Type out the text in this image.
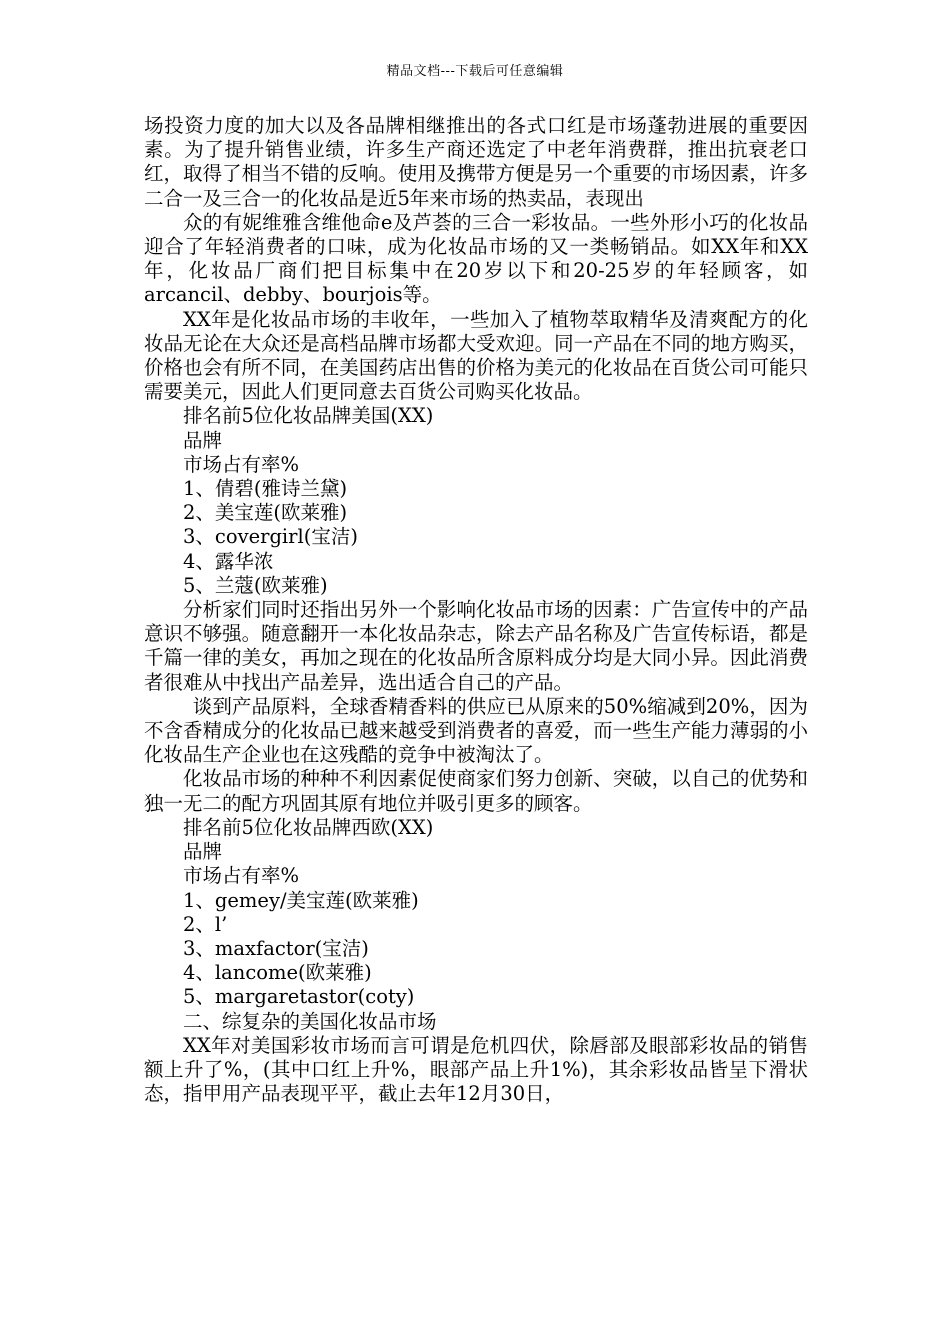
精品文档---下载后可任意编辑

场投资力度的加大以及各品牌相继推出的各式口红是市场蓬勃进展的重要因素。为了提升销售业绩，许多生产商还选定了中老年消费群，推出抗衰老口红，取得了相当不错的反响。使用及携带方便是另一个重要的市场因素，许多二合一及三合一的化妆品是近5年来市场的热卖品，表现出

众的有妮维雅含维他命e及芦荟的三合一彩妆品。一些外形小巧的化妆品迎合了年轻消费者的口味，成为化妆品市场的又一类畅销品。如XX年和XX年，化妆品厂商们把目标集中在20岁以下和20-25岁的年轻顾客，如arcancil、debby、bourjois等。

XX年是化妆品市场的丰收年，一些加入了植物萃取精华及清爽配方的化妆品无论在大众还是高档品牌市场都大受欢迎。同一产品在不同的地方购买，价格也会有所不同，在美国药店出售的价格为美元的化妆品在百货公司可能只需要美元，因此人们更同意去百货公司购买化妆品。

排名前5位化妆品牌美国(XX)

品牌

市场占有率%

1、倩碧(雅诗兰黛)

2、美宝莲(欧莱雅)

3、covergirl(宝洁)

4、露华浓

5、兰蔻(欧莱雅)

分析家们同时还指出另外一个影响化妆品市场的因素：广告宣传中的产品意识不够强。随意翻开一本化妆品杂志，除去产品名称及广告宣传标语，都是千篇一律的美女，再加之现在的化妆品所含原料成分均是大同小异。因此消费者很难从中找出产品差异，选出适合自己的产品。

谈到产品原料，全球香精香料的供应已从原来的50%缩减到20%，因为不含香精成分的化妆品已越来越受到消费者的喜爱，而一些生产能力薄弱的小化妆品生产企业也在这残酷的竞争中被淘汰了。

化妆品市场的种种不利因素促使商家们努力创新、突破，以自己的优势和独一无二的配方巩固其原有地位并吸引更多的顾客。

排名前5位化妆品牌西欧(XX)

品牌

市场占有率%

1、gemey/美宝莲(欧莱雅)

2、l’

3、maxfactor(宝洁)

4、lancome(欧莱雅)

5、margaretastor(coty)

二、综复杂的美国化妆品市场

XX年对美国彩妆市场而言可谓是危机四伏，除唇部及眼部彩妆品的销售额上升了%，(其中口红上升%，眼部产品上升1%)，其余彩妆品皆呈下滑状态，指甲用产品表现平平，截止去年12月30日，
